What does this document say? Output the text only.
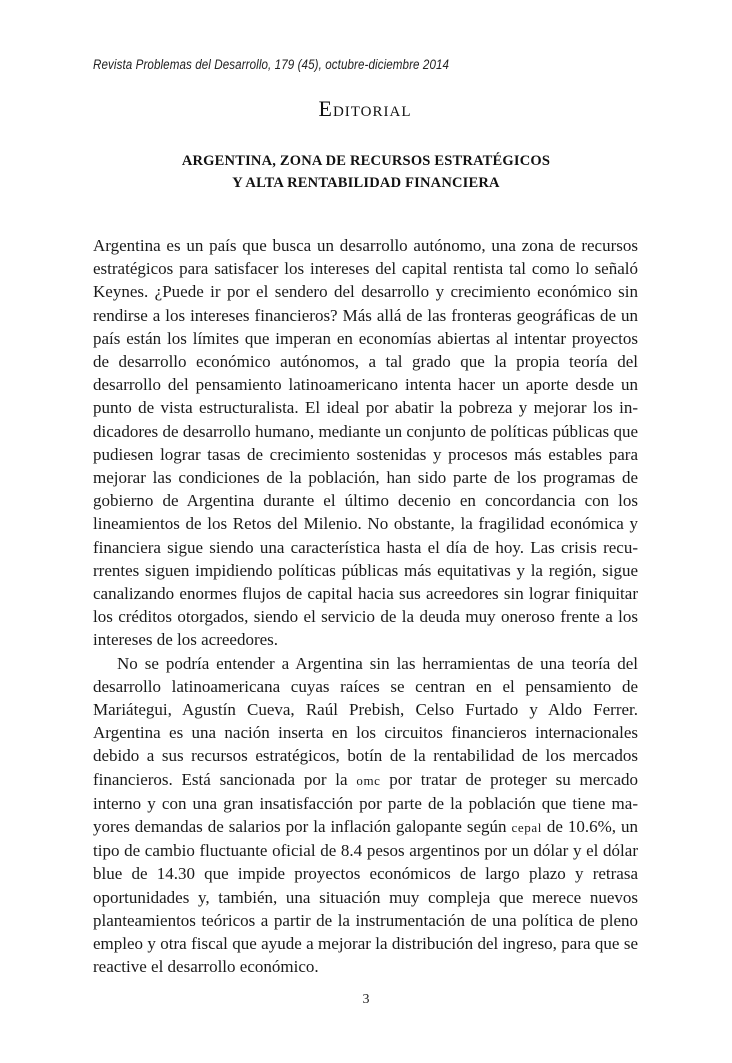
Revista Problemas del Desarrollo, 179 (45), octubre-diciembre 2014
Editorial
ARGENTINA, ZONA DE RECURSOS ESTRATÉGICOS
Y ALTA RENTABILIDAD FINANCIERA

Argentina es un país que busca un desarrollo autónomo, una zona de recursos estratégicos para satisfacer los intereses del capital rentista tal como lo señaló Keynes. ¿Puede ir por el sendero del desarrollo y crecimiento económico sin rendirse a los intereses financieros? Más allá de las fronteras geográficas de un país están los límites que imperan en economías abiertas al intentar proyectos de desarrollo económico autónomos, a tal grado que la propia teoría del desarrollo del pensamiento latinoamericano intenta hacer un aporte desde un punto de vista estructuralista. El ideal por abatir la pobreza y mejorar los indicadores de desarrollo humano, mediante un conjunto de políticas públicas que pudiesen lograr tasas de crecimiento sostenidas y procesos más estables para mejorar las condiciones de la población, han sido parte de los programas de gobierno de Argentina durante el último decenio en concordancia con los lineamientos de los Retos del Milenio. No obstante, la fragilidad económica y financiera sigue siendo una característica hasta el día de hoy. Las crisis recurrentes siguen impidiendo políticas públicas más equitativas y la región, sigue canalizando enormes flujos de capital hacia sus acreedores sin lograr finiquitar los créditos otorgados, siendo el servicio de la deuda muy oneroso frente a los intereses de los acreedores.

No se podría entender a Argentina sin las herramientas de una teoría del desarrollo latinoamericana cuyas raíces se centran en el pensamiento de Mariátegui, Agustín Cueva, Raúl Prebish, Celso Furtado y Aldo Ferrer. Argentina es una nación inserta en los circuitos financieros internacionales debido a sus recursos estratégicos, botín de la rentabilidad de los mercados financieros. Está sancionada por la omc por tratar de proteger su mercado interno y con una gran insatisfacción por parte de la población que tiene mayores demandas de salarios por la inflación galopante según cepal de 10.6%, un tipo de cambio fluctuante oficial de 8.4 pesos argentinos por un dólar y el dólar blue de 14.30 que impide proyectos económicos de largo plazo y retrasa oportunidades y, también, una situación muy compleja que merece nuevos planteamientos teóricos a partir de la instrumentación de una política de pleno empleo y otra fiscal que ayude a mejorar la distribución del ingreso, para que se reactive el desarrollo económico.

3
